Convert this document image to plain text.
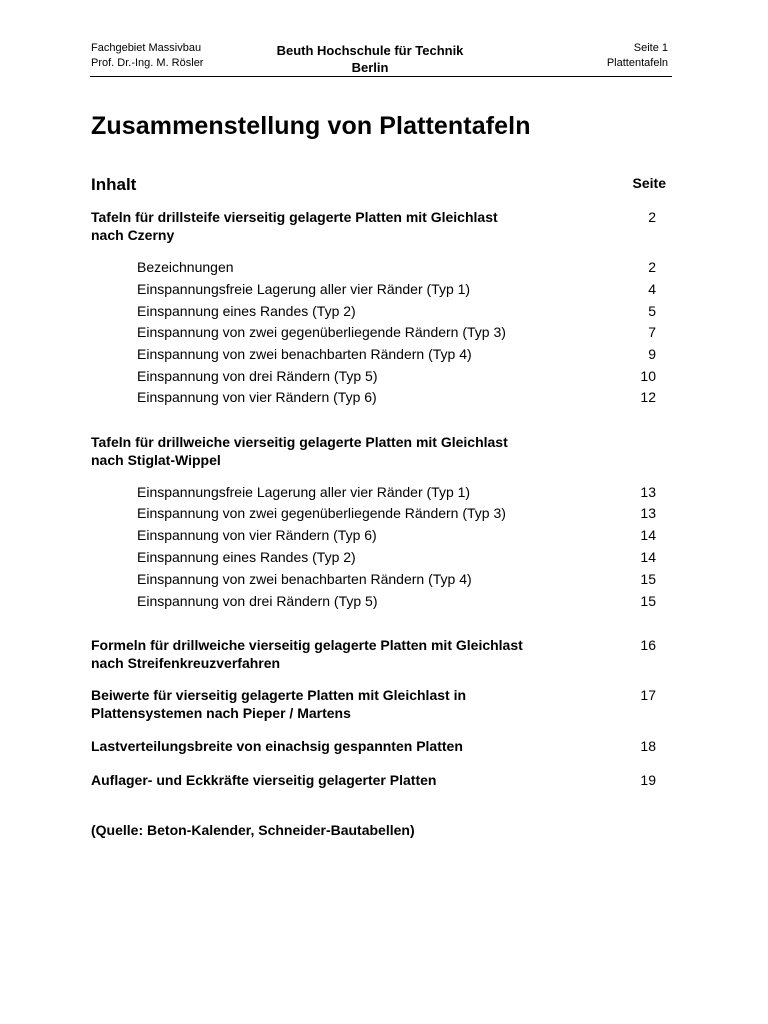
Fachgebiet Massivbau
Prof. Dr.-Ing. M. Rösler
Beuth Hochschule für Technik
Berlin
Seite 1
Plattentafeln
Zusammenstellung von Plattentafeln
Inhalt	Seite
Tafeln für drillsteife vierseitig gelagerte Platten mit Gleichlast
nach Czerny
2
Bezeichnungen	2
Einspannungsfreie Lagerung aller vier Ränder (Typ 1)	4
Einspannung eines Randes (Typ 2)	5
Einspannung von zwei gegenüberliegende Rändern (Typ 3)	7
Einspannung von zwei benachbarten Rändern (Typ 4)	9
Einspannung von drei Rändern (Typ 5)	10
Einspannung von vier Rändern (Typ 6)	12
Tafeln für drillweiche vierseitig gelagerte Platten mit Gleichlast
nach Stiglat-Wippel
Einspannungsfreie Lagerung aller vier Ränder (Typ 1)	13
Einspannung von zwei gegenüberliegende Rändern (Typ 3)	13
Einspannung von vier Rändern (Typ 6)	14
Einspannung eines Randes (Typ 2)	14
Einspannung von zwei benachbarten Rändern (Typ 4)	15
Einspannung von drei Rändern (Typ 5)	15
Formeln für drillweiche vierseitig gelagerte Platten mit Gleichlast
nach Streifenkreuzverfahren
16
Beiwerte für vierseitig gelagerte Platten mit Gleichlast in
Plattensystemen nach Pieper / Martens
17
Lastverteilungsbreite von einachsig gespannten Platten	18
Auflager- und Eckkräfte vierseitig gelagerter Platten	19
(Quelle: Beton-Kalender, Schneider-Bautabellen)
